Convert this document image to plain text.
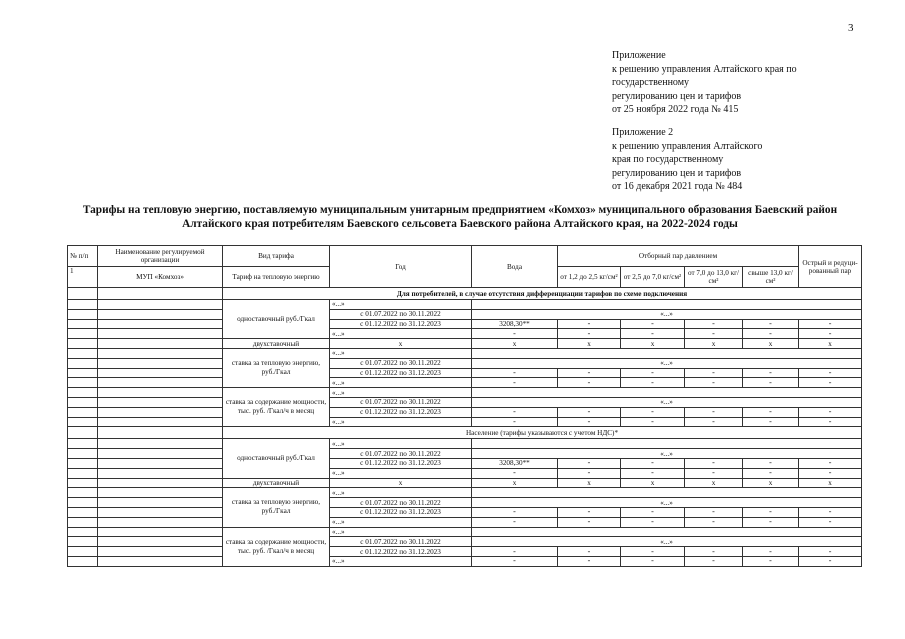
3
Приложение
к решению управления Алтайского края по
государственному
регулированию цен и тарифов
от 25 ноября 2022 года № 415
Приложение 2
к решению управления Алтайского
края по государственному
регулированию цен и тарифов
от 16 декабря 2021 года № 484
Тарифы на тепловую энергию, поставляемую муниципальным унитарным предприятием «Комхоз» муниципального образования Баевский район
Алтайского края потребителям Баевского сельсовета Баевского района Алтайского края, на 2022-2024 годы
№ п/п	Наименование регулируемой организации	Вид тарифа	Год	Вода	Отборный пар давлением				Острый и редуци-рованный пар
1	МУП «Комхоз»	Тариф на тепловую энергию			от 1,2 до 2,5 кг/см²	от 2,5 до 7,0 кг/см²	от 7,0 до 13,0 кг/см²	свыше 13,0 кг/см²	
		Для потребителей, в случае отсутствия дифференциации тарифов по схеме подключения							
		одноставочный руб./Гкал	«...»						
			с 01.07.2022 по 30.11.2022	«...»					
			с 01.12.2022 по 31.12.2023	3208,30**	-	-	-	-	-
			«...»	-	-	-	-	-	-
		двухставочный	х	х	х	х	х	х	х
		ставка за тепловую энергию, руб./Гкал	«...»						
			с 01.07.2022 по 30.11.2022	«...»					
			с 01.12.2022 по 31.12.2023	-	-	-	-	-	-
			«...»	-	-	-	-	-	-
		ставка за содержание мощности, тыс. руб. /Гкал/ч в месяц	«...»						
			с 01.07.2022 по 30.11.2022	«...»					
			с 01.12.2022 по 31.12.2023	-	-	-	-	-	-
			«...»	-	-	-	-	-	-
		Население (тарифы указываются с учетом НДС)*							
		одноставочный руб./Гкал	«...»						
			с 01.07.2022 по 30.11.2022	«...»					
			с 01.12.2022 по 31.12.2023	3208,30**	-	-	-	-	-
			«...»	-	-	-	-	-	-
		двухставочный	х	х	х	х	х	х	х
		ставка за тепловую энергию, руб./Гкал	«...»						
			с 01.07.2022 по 30.11.2022	«...»					
			с 01.12.2022 по 31.12.2023	-	-	-	-	-	-
			«...»	-	-	-	-	-	-
		ставка за содержание мощности, тыс. руб. /Гкал/ч в месяц	«...»						
			с 01.07.2022 по 30.11.2022	«...»					
			с 01.12.2022 по 31.12.2023	-	-	-	-	-	-
			«...»	-	-	-	-	-	-
